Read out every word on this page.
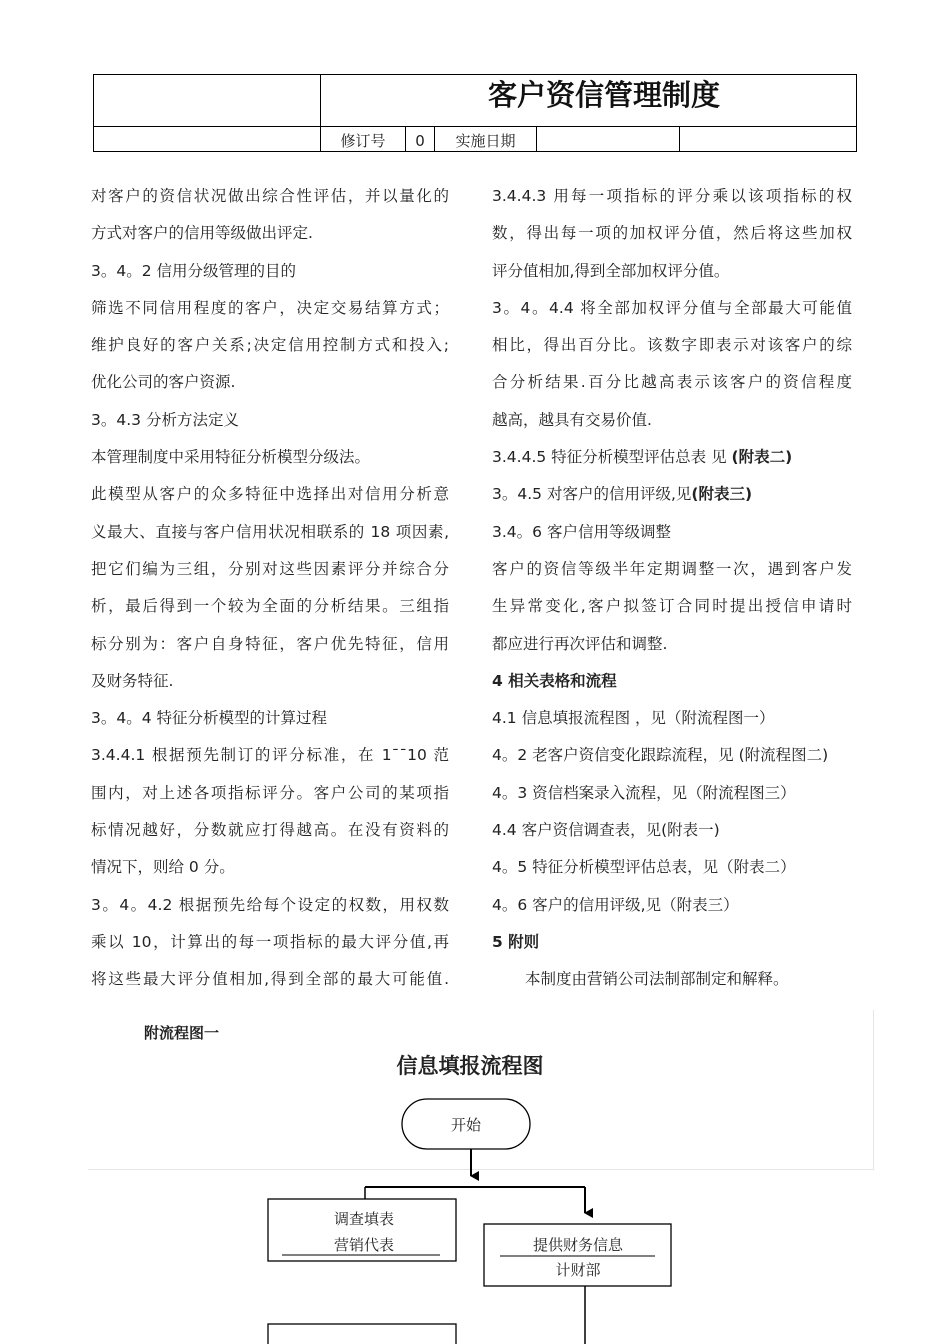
客户资信管理制度
修订号	0	实施日期

对客户的资信状况做出综合性评估，并以量化的

方式对客户的信用等级做出评定.

3。4。2 信用分级管理的目的

筛选不同信用程度的客户，决定交易结算方式；

维护良好的客户关系;决定信用控制方式和投入;

优化公司的客户资源.

3。4.3 分析方法定义

本管理制度中采用特征分析模型分级法。

此模型从客户的众多特征中选择出对信用分析意

义最大、直接与客户信用状况相联系的 18 项因素,

把它们编为三组，分别对这些因素评分并综合分

析，最后得到一个较为全面的分析结果。三组指

标分别为：客户自身特征，客户优先特征，信用

及财务特征.

3。4。4 特征分析模型的计算过程

3.4.4.1 根据预先制订的评分标准，在 1¯¯10 范

围内，对上述各项指标评分。客户公司的某项指

标情况越好，分数就应打得越高。在没有资料的

情况下，则给 0 分。

3。4。4.2 根据预先给每个设定的权数，用权数

乘以 10，计算出的每一项指标的最大评分值,再

将这些最大评分值相加,得到全部的最大可能值.

3.4.4.3 用每一项指标的评分乘以该项指标的权

数，得出每一项的加权评分值，然后将这些加权

评分值相加,得到全部加权评分值。

3。4。4.4 将全部加权评分值与全部最大可能值

相比，得出百分比。该数字即表示对该客户的综

合分析结果.百分比越高表示该客户的资信程度

越高，越具有交易价值.

3.4.4.5 特征分析模型评估总表 见 (附表二)

3。4.5 对客户的信用评级,见(附表三)

3.4。6 客户信用等级调整

客户的资信等级半年定期调整一次，遇到客户发

生异常变化,客户拟签订合同时提出授信申请时

都应进行再次评估和调整.

4 相关表格和流程

4.1 信息填报流程图 ，见（附流程图一）

4。2 老客户资信变化跟踪流程，见 (附流程图二)

4。3 资信档案录入流程，见（附流程图三）

4.4 客户资信调查表，见(附表一)

4。5 特征分析模型评估总表，见（附表二）

4。6 客户的信用评级,见（附表三）

5 附则

本制度由营销公司法制部制定和解释。

附流程图一
信息填报流程图
开始
调查填表
营销代表	提供财务信息
计财部
